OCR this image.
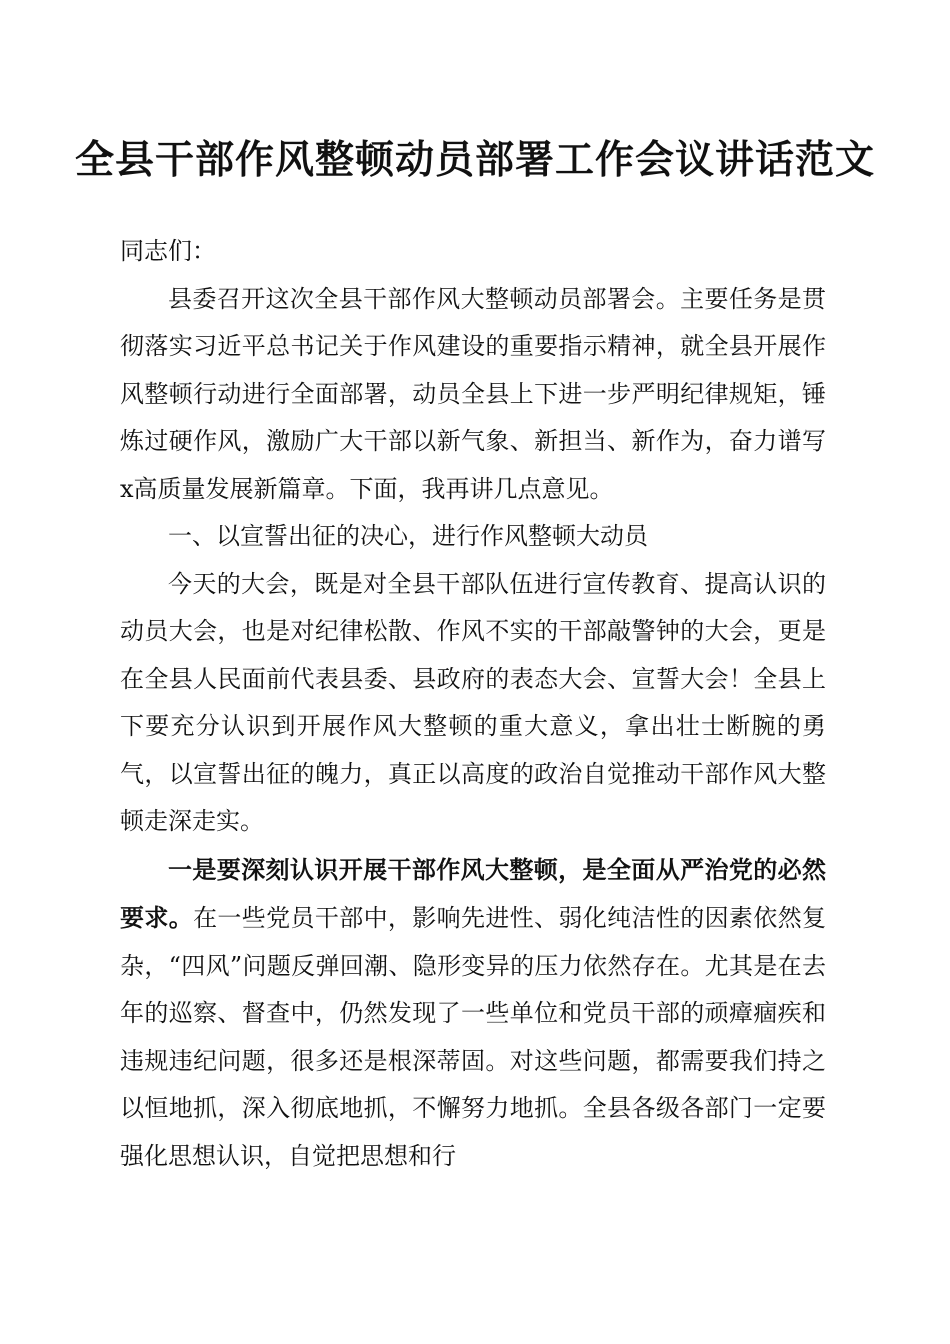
全县干部作风整顿动员部署工作会议讲话范文

同志们：

县委召开这次全县干部作风大整顿动员部署会。主要任务是贯彻落实习近平总书记关于作风建设的重要指示精神，就全县开展作风整顿行动进行全面部署，动员全县上下进一步严明纪律规矩，锤炼过硬作风，激励广大干部以新气象、新担当、新作为，奋力谱写x高质量发展新篇章。下面，我再讲几点意见。

一、以宣誓出征的决心，进行作风整顿大动员

今天的大会，既是对全县干部队伍进行宣传教育、提高认识的动员大会，也是对纪律松散、作风不实的干部敲警钟的大会，更是在全县人民面前代表县委、县政府的表态大会、宣誓大会！全县上下要充分认识到开展作风大整顿的重大意义，拿出壮士断腕的勇气，以宣誓出征的魄力，真正以高度的政治自觉推动干部作风大整顿走深走实。

一是要深刻认识开展干部作风大整顿，是全面从严治党的必然要求。在一些党员干部中，影响先进性、弱化纯洁性的因素依然复杂，“四风”问题反弹回潮、隐形变异的压力依然存在。尤其是在去年的巡察、督查中，仍然发现了一些单位和党员干部的顽瘴痼疾和违规违纪问题，很多还是根深蒂固。对这些问题，都需要我们持之以恒地抓，深入彻底地抓，不懈努力地抓。全县各级各部门一定要强化思想认识，自觉把思想和行
